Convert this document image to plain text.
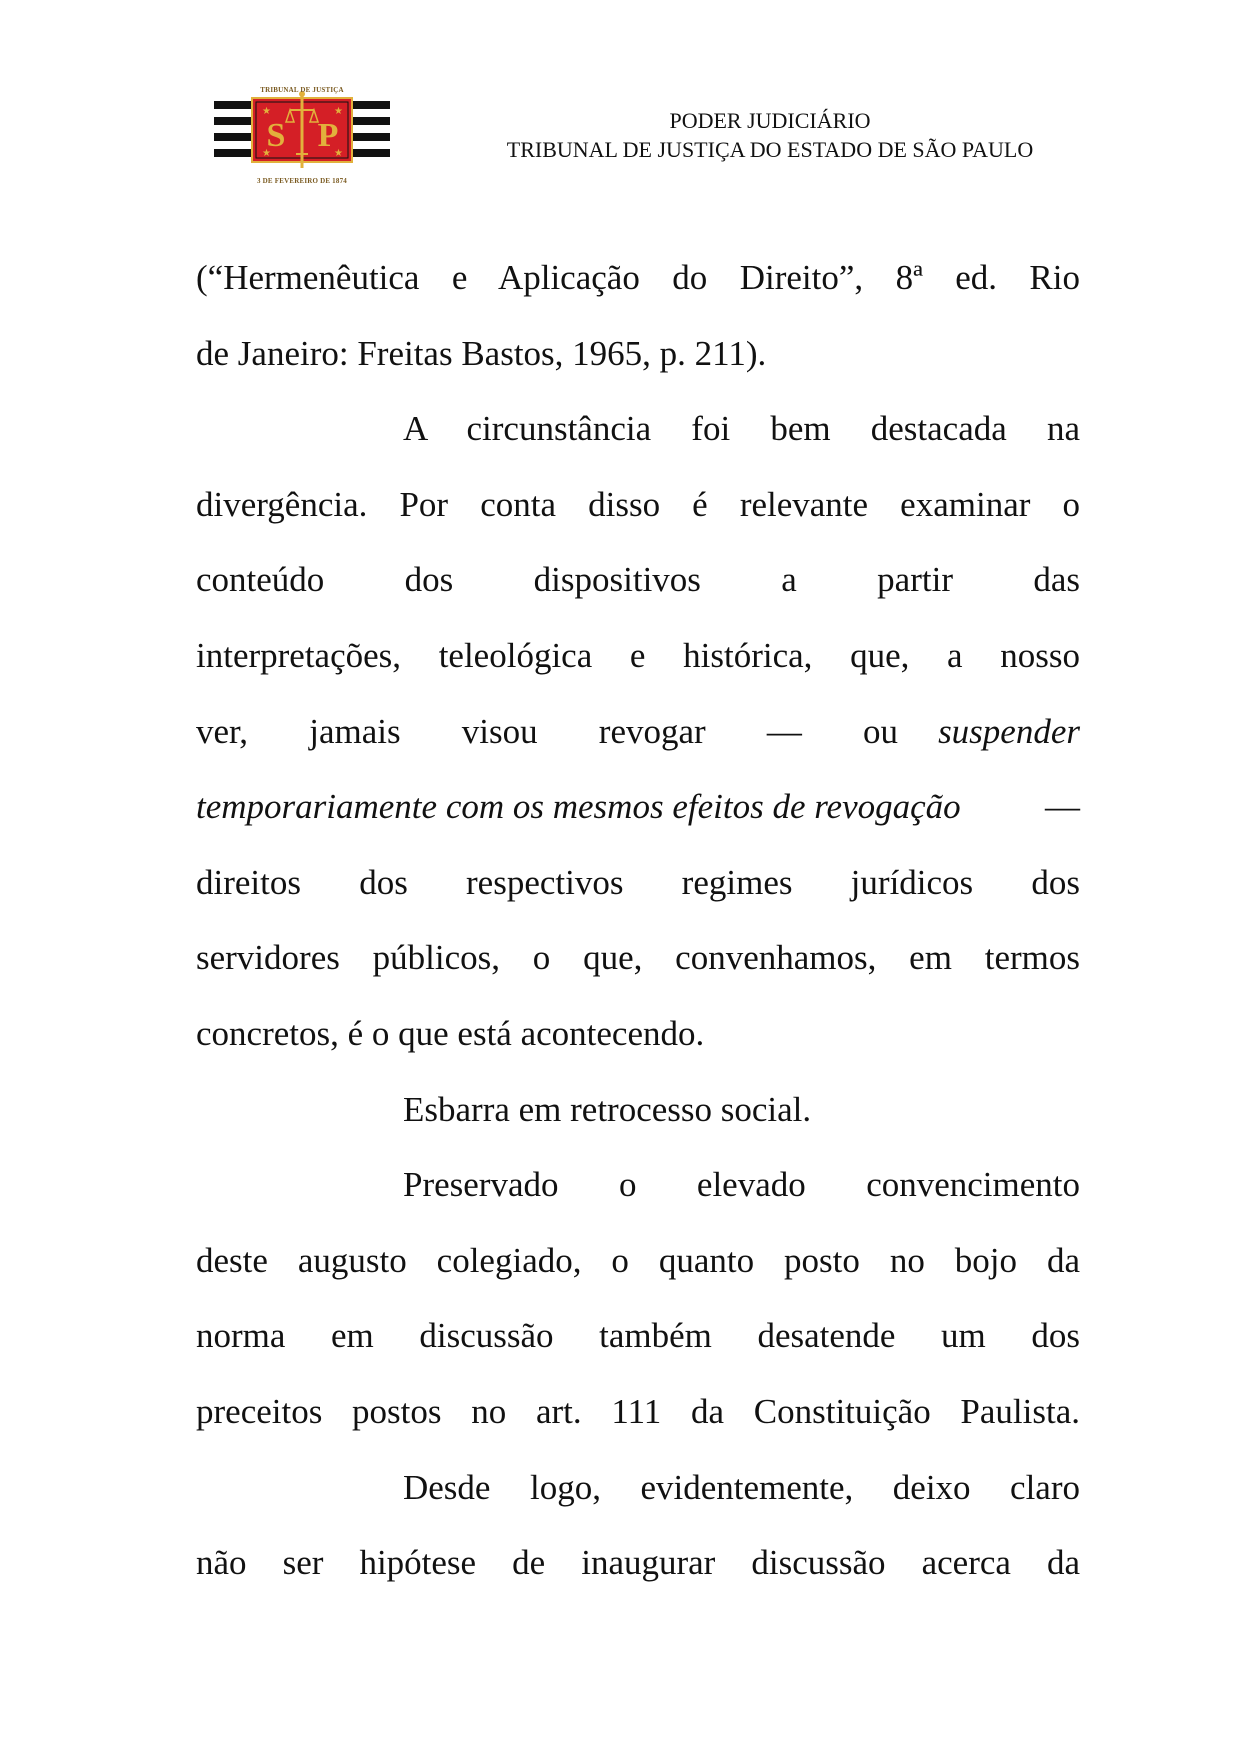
★	★
★	★
TRIBUNAL DE JUSTIÇA
S P
3 DE FEVEREIRO DE 1874
PODER JUDICIÁRIO
TRIBUNAL DE JUSTIÇA DO ESTADO DE SÃO PAULO
(“Hermenêutica e Aplicação do Direito”, 8ª ed. Rio
de Janeiro: Freitas Bastos, 1965, p. 211).
A circunstância foi bem destacada na
divergência. Por conta disso é relevante examinar o
conteúdo dos dispositivos a partir das
interpretações, teleológica e histórica, que, a nosso
ver, jamais visou revogar — ou	suspender
temporariamente com os mesmos efeitos de revogação —
direitos dos respectivos regimes jurídicos dos
servidores públicos, o que, convenhamos, em termos
concretos, é o que está acontecendo.
Esbarra em retrocesso social.
Preservado o elevado convencimento
deste augusto colegiado, o quanto posto no bojo da
norma em discussão também desatende um dos
preceitos postos no art. 111 da Constituição Paulista.
Desde logo, evidentemente, deixo claro
não ser hipótese de inaugurar discussão acerca da
